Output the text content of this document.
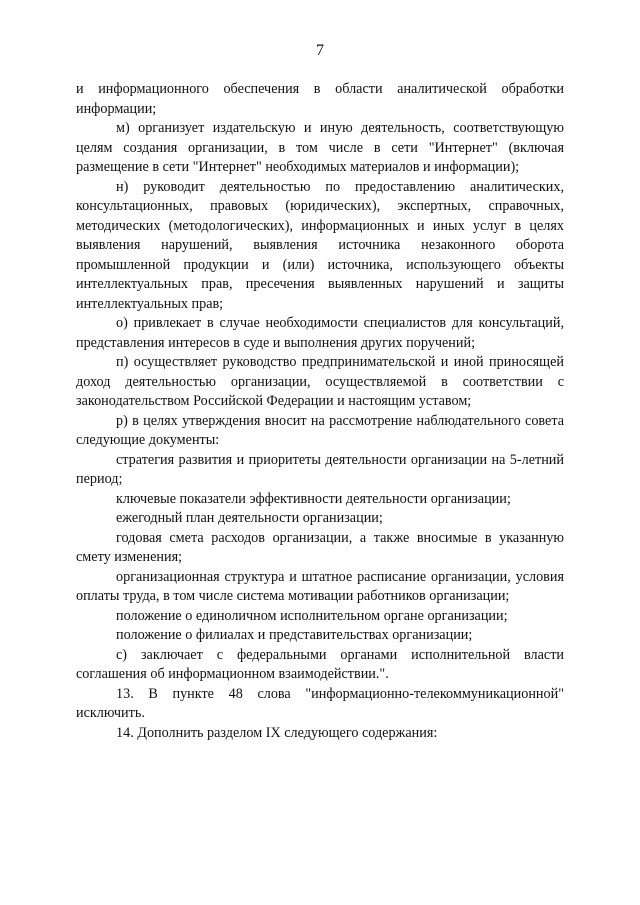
7

и информационного обеспечения в области аналитической обработки информации;

м) организует издательскую и иную деятельность, соответствующую целям создания организации, в том числе в сети "Интернет" (включая размещение в сети "Интернет" необходимых материалов и информации);

н) руководит деятельностью по предоставлению аналитических, консультационных, правовых (юридических), экспертных, справочных, методических (методологических), информационных и иных услуг в целях выявления нарушений, выявления источника незаконного оборота промышленной продукции и (или) источника, использующего объекты интеллектуальных прав, пресечения выявленных нарушений и защиты интеллектуальных прав;

о) привлекает в случае необходимости специалистов для консультаций, представления интересов в суде и выполнения других поручений;

п) осуществляет руководство предпринимательской и иной приносящей доход деятельностью организации, осуществляемой в соответствии с законодательством Российской Федерации и настоящим уставом;

р) в целях утверждения вносит на рассмотрение наблюдательного совета следующие документы:

стратегия развития и приоритеты деятельности организации на 5-летний период;

ключевые показатели эффективности деятельности организации;

ежегодный план деятельности организации;

годовая смета расходов организации, а также вносимые в указанную смету изменения;

организационная структура и штатное расписание организации, условия оплаты труда, в том числе система мотивации работников организации;

положение о единоличном исполнительном органе организации;

положение о филиалах и представительствах организации;

с) заключает с федеральными органами исполнительной власти соглашения об информационном взаимодействии.".

13. В пункте 48 слова "информационно-телекоммуникационной" исключить.

14. Дополнить разделом IX следующего содержания:
